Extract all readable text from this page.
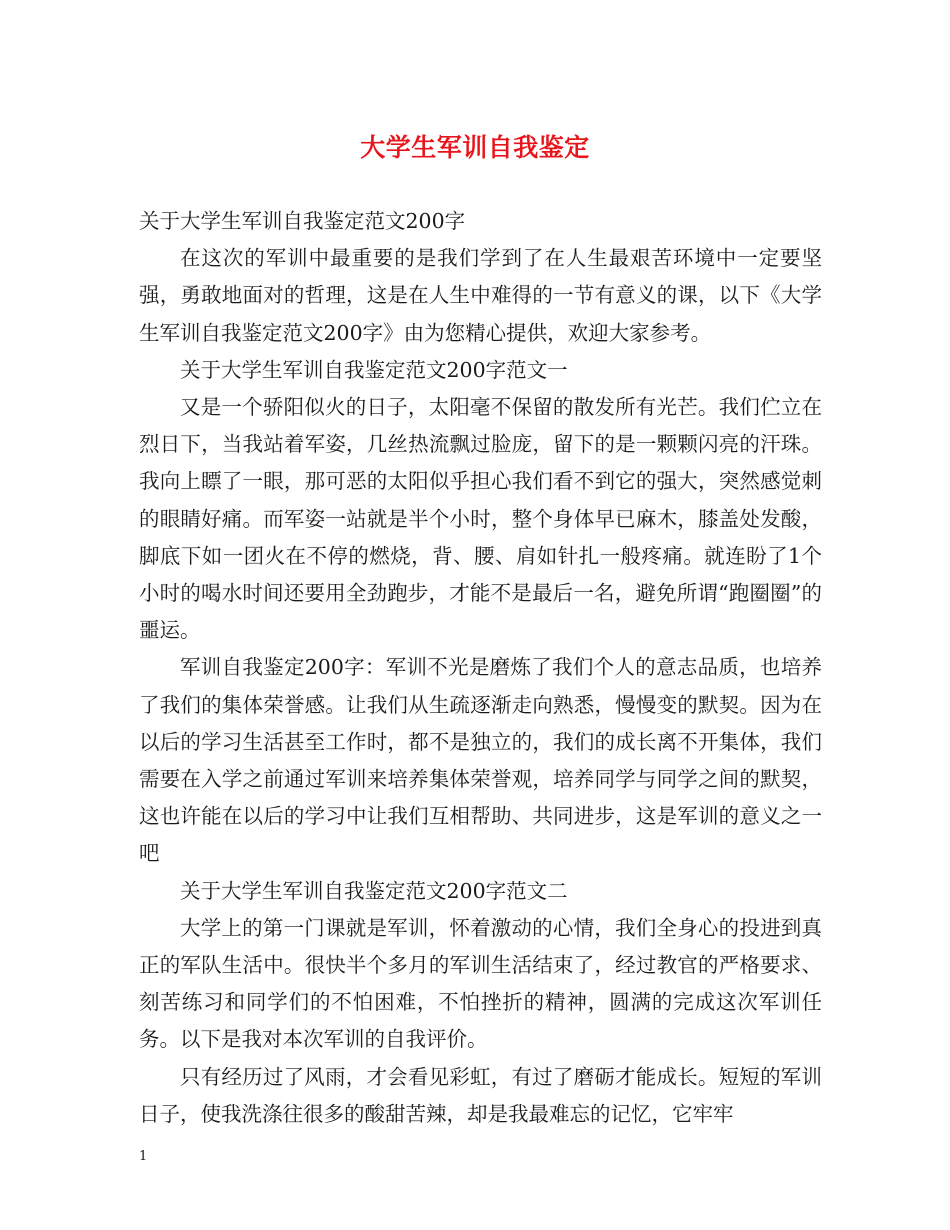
大学生军训自我鉴定

关于大学生军训自我鉴定范文200字

在这次的军训中最重要的是我们学到了在人生最艰苦环境中一定要坚强，勇敢地面对的哲理，这是在人生中难得的一节有意义的课，以下《大学生军训自我鉴定范文200字》由为您精心提供，欢迎大家参考。

关于大学生军训自我鉴定范文200字范文一

又是一个骄阳似火的日子，太阳毫不保留的散发所有光芒。我们伫立在烈日下，当我站着军姿，几丝热流飘过脸庞，留下的是一颗颗闪亮的汗珠。我向上瞟了一眼，那可恶的太阳似乎担心我们看不到它的强大，突然感觉刺的眼睛好痛。而军姿一站就是半个小时，整个身体早已麻木，膝盖处发酸，脚底下如一团火在不停的燃烧，背、腰、肩如针扎一般疼痛。就连盼了1个小时的喝水时间还要用全劲跑步，才能不是最后一名，避免所谓“跑圈圈”的噩运。

军训自我鉴定200字：军训不光是磨炼了我们个人的意志品质，也培养了我们的集体荣誉感。让我们从生疏逐渐走向熟悉，慢慢变的默契。因为在以后的学习生活甚至工作时，都不是独立的，我们的成长离不开集体，我们需要在入学之前通过军训来培养集体荣誉观，培养同学与同学之间的默契，这也许能在以后的学习中让我们互相帮助、共同进步，这是军训的意义之一吧

关于大学生军训自我鉴定范文200字范文二

大学上的第一门课就是军训，怀着激动的心情，我们全身心的投进到真正的军队生活中。很快半个多月的军训生活结束了，经过教官的严格要求、刻苦练习和同学们的不怕困难，不怕挫折的精神，圆满的完成这次军训任务。以下是我对本次军训的自我评价。

只有经历过了风雨，才会看见彩虹，有过了磨砺才能成长。短短的军训日子，使我洗涤往很多的酸甜苦辣，却是我最难忘的记忆，它牢牢

1
